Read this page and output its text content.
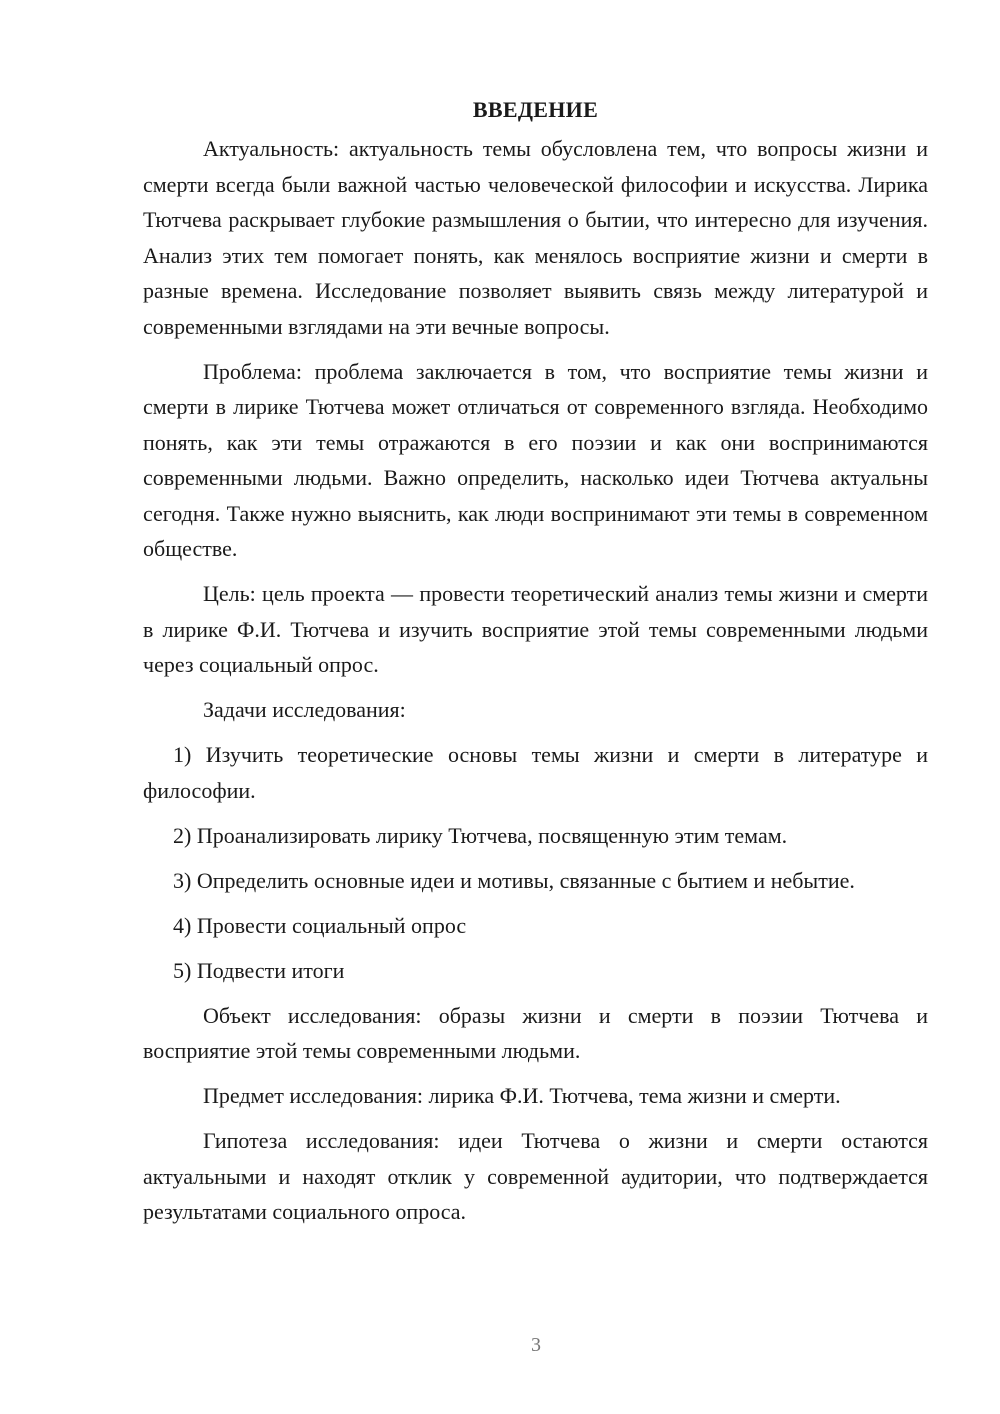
ВВЕДЕНИЕ

Актуальность: актуальность темы обусловлена тем, что вопросы жизни и смерти всегда были важной частью человеческой философии и искусства. Лирика Тютчева раскрывает глубокие размышления о бытии, что интересно для изучения. Анализ этих тем помогает понять, как менялось восприятие жизни и смерти в разные времена. Исследование позволяет выявить связь между литературой и современными взглядами на эти вечные вопросы.

Проблема: проблема заключается в том, что восприятие темы жизни и смерти в лирике Тютчева может отличаться от современного взгляда. Необходимо понять, как эти темы отражаются в его поэзии и как они воспринимаются современными людьми. Важно определить, насколько идеи Тютчева актуальны сегодня. Также нужно выяснить, как люди воспринимают эти темы в современном обществе.

Цель: цель проекта — провести теоретический анализ темы жизни и смерти в лирике Ф.И. Тютчева и изучить восприятие этой темы современными людьми через социальный опрос.

Задачи исследования:

1) Изучить теоретические основы темы жизни и смерти в литературе и философии.

2) Проанализировать лирику Тютчева, посвященную этим темам.

3) Определить основные идеи и мотивы, связанные с бытием и небытие.

4) Провести социальный опрос

5) Подвести итоги

Объект исследования: образы жизни и смерти в поэзии Тютчева и восприятие этой темы современными людьми.

Предмет исследования: лирика Ф.И. Тютчева, тема жизни и смерти.

Гипотеза исследования: идеи Тютчева о жизни и смерти остаются актуальными и находят отклик у современной аудитории, что подтверждается результатами социального опроса.

3
